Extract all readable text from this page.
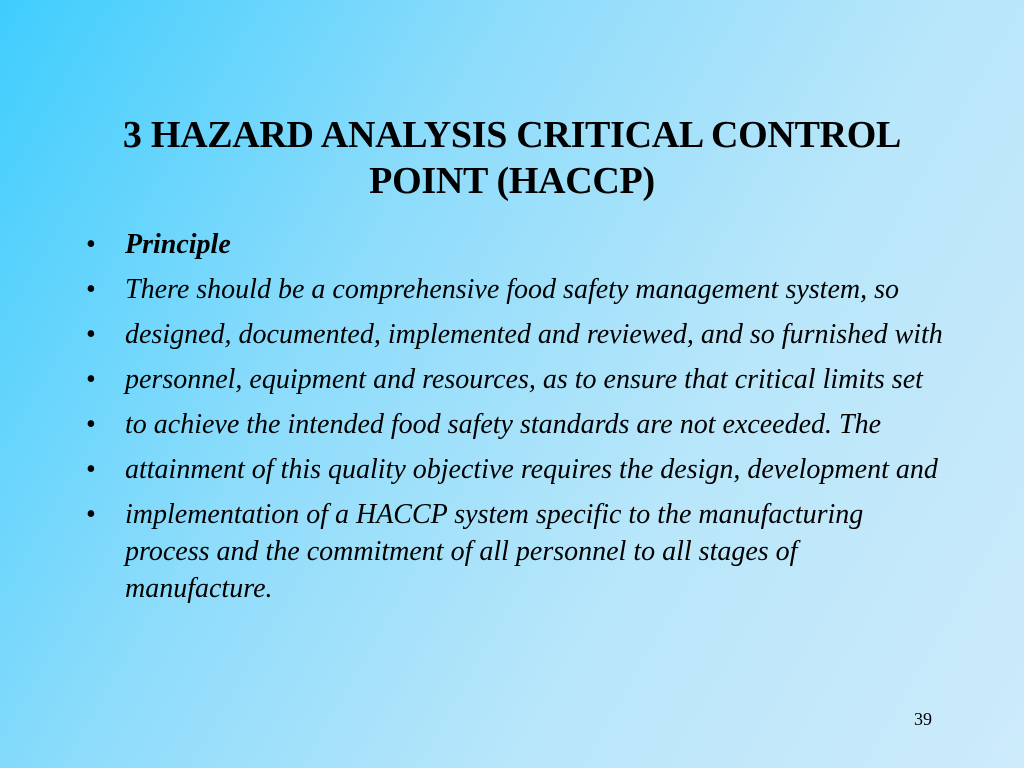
3 HAZARD ANALYSIS CRITICAL CONTROL
POINT (HACCP)
• Principle
• There should be a comprehensive food safety management system, so
• designed, documented, implemented and reviewed, and so furnished with
• personnel, equipment and resources, as to ensure that critical limits set
• to achieve the intended food safety standards are not exceeded. The
• attainment of this quality objective requires the design, development and
• implementation of a HACCP system specific to the manufacturing process and the commitment of all personnel to all stages of manufacture.
39
